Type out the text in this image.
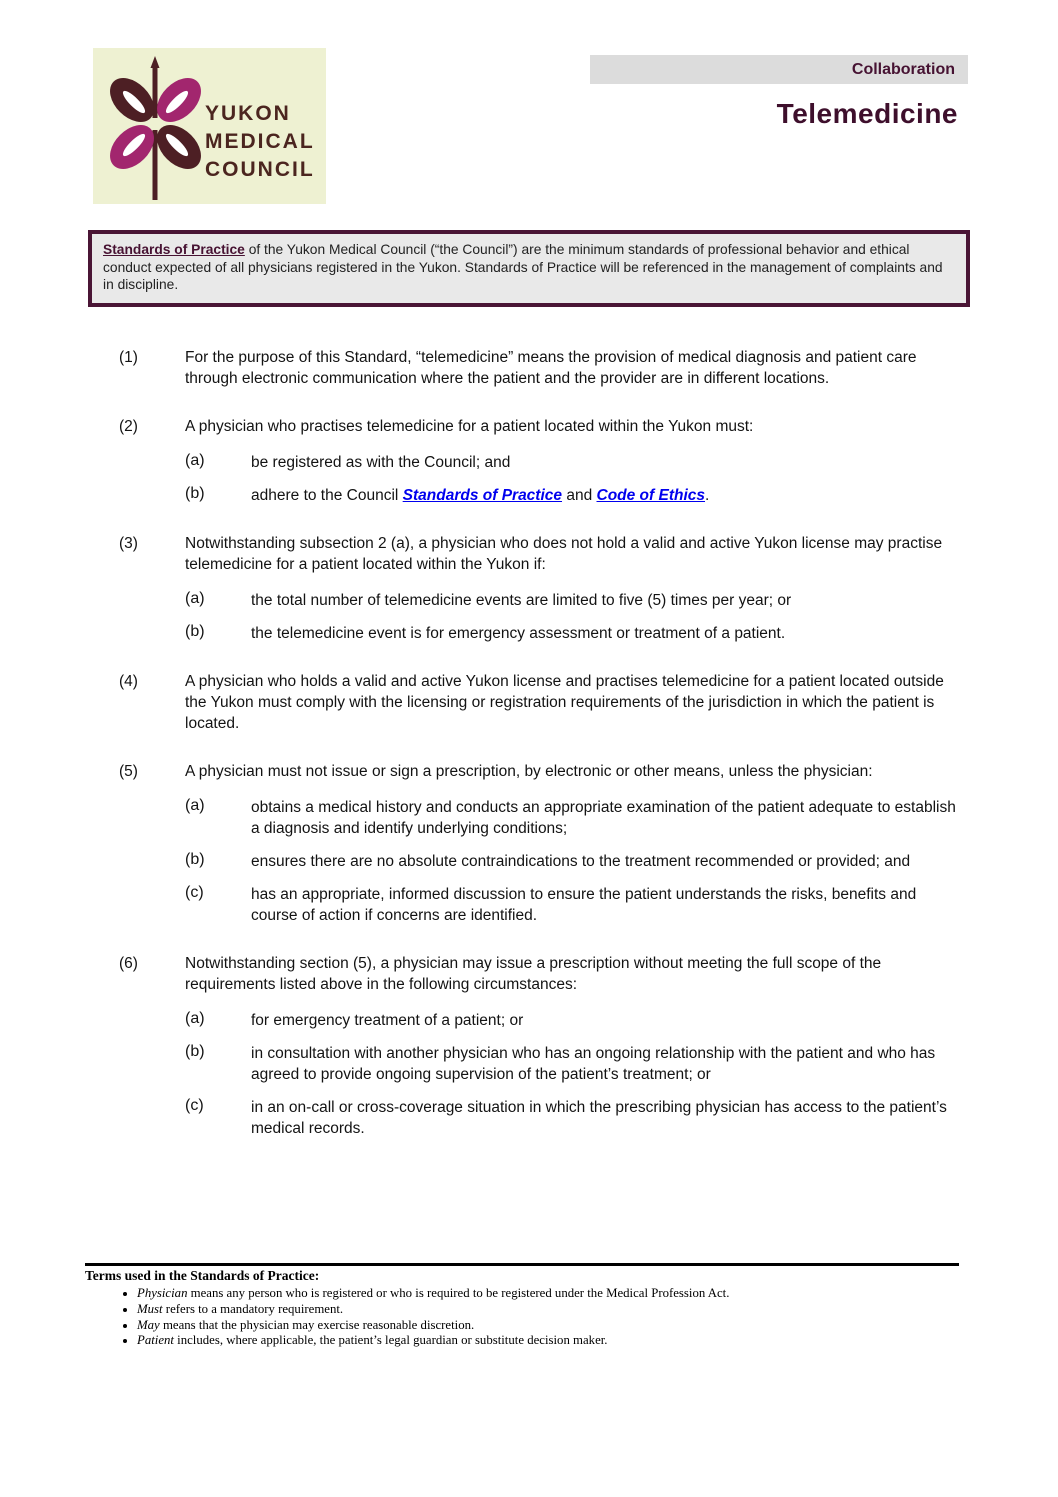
YUKON
MEDICAL
COUNCIL
Collaboration
Telemedicine

Standards of Practice of the Yukon Medical Council (“the Council”) are the minimum standards of professional behavior and ethical conduct expected of all physicians registered in the Yukon. Standards of Practice will be referenced in the management of complaints and in discipline.

(1)	For the purpose of this Standard, “telemedicine” means the provision of medical diagnosis and patient care through electronic communication where the patient and the provider are in different locations.

(2)	A physician who practises telemedicine for a patient located within the Yukon must:

(a)	be registered as with the Council; and

(b)	adhere to the Council Standards of Practice and Code of Ethics.

(3)	Notwithstanding subsection 2 (a), a physician who does not hold a valid and active Yukon license may practise telemedicine for a patient located within the Yukon if:

(a)	the total number of telemedicine events are limited to five (5) times per year; or

(b)	the telemedicine event is for emergency assessment or treatment of a patient.

(4)	A physician who holds a valid and active Yukon license and practises telemedicine for a patient located outside the Yukon must comply with the licensing or registration requirements of the jurisdiction in which the patient is located.

(5)	A physician must not issue or sign a prescription, by electronic or other means, unless the physician:

(a)	obtains a medical history and conducts an appropriate examination of the patient adequate to establish a diagnosis and identify underlying conditions;

(b)	ensures there are no absolute contraindications to the treatment recommended or provided; and

(c)	has an appropriate, informed discussion to ensure the patient understands the risks, benefits and course of action if concerns are identified.

(6)	Notwithstanding section (5), a physician may issue a prescription without meeting the full scope of the requirements listed above in the following circumstances:

(a)	for emergency treatment of a patient; or

(b)	in consultation with another physician who has an ongoing relationship with the patient and who has agreed to provide ongoing supervision of the patient’s treatment; or

(c)	in an on-call or cross-coverage situation in which the prescribing physician has access to the patient’s medical records.

Terms used in the Standards of Practice:
• Physician means any person who is registered or who is required to be registered under the Medical Profession Act.
• Must refers to a mandatory requirement.
• May means that the physician may exercise reasonable discretion.
• Patient includes, where applicable, the patient’s legal guardian or substitute decision maker.
